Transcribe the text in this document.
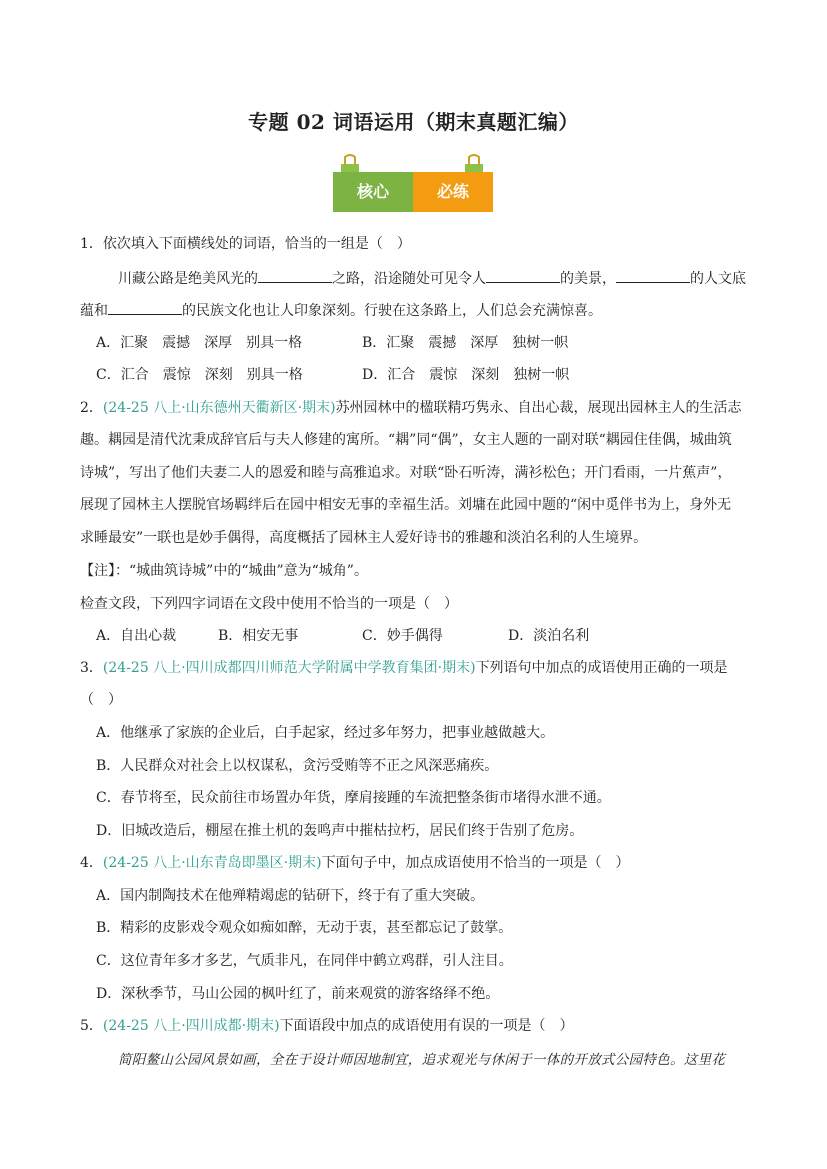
专题 02 词语运用（期末真题汇编）
核心	必练
1．依次填入下面横线处的词语，恰当的一组是（　）
川藏公路是绝美风光的	之路，沿途随处可见令人	的美景，	的人文底
蕴和	的民族文化也让人印象深刻。行驶在这条路上，人们总会充满惊喜。
A．汇聚　震撼　深厚　别具一格	B．汇聚　震撼　深厚　独树一帜
C．汇合　震惊　深刻　别具一格	D．汇合　震惊　深刻　独树一帜
2．(24-25 八上·山东德州天衢新区·期末)苏州园林中的楹联精巧隽永、自出心裁，展现出园林主人的生活志
趣。耦园是清代沈秉成辞官后与夫人修建的寓所。“耦”同“偶”，女主人题的一副对联“耦园住佳偶，城曲筑
诗城”，写出了他们夫妻二人的恩爱和睦与高雅追求。对联“卧石听涛，满衫松色；开门看雨，一片蕉声”，
展现了园林主人摆脱官场羁绊后在园中相安无事的幸福生活。刘墉在此园中题的“闲中觅伴书为上，身外无
求睡最安”一联也是妙手偶得，高度概括了园林主人爱好诗书的雅趣和淡泊名利的人生境界。
【注】：“城曲筑诗城”中的“城曲”意为“城角”。
检查文段，下列四字词语在文段中使用不恰当的一项是（　）
A．自出心裁	B．相安无事	C．妙手偶得	D．淡泊名利
3．(24-25 八上·四川成都四川师范大学附属中学教育集团·期末)下列语句中加点的成语使用正确的一项是
（　）
A．他继承了家族的企业后，白手起家，经过多年努力，把事业越做越大。
B．人民群众对社会上以权谋私，贪污受贿等不正之风深恶痛疾。
C．春节将至，民众前往市场置办年货，摩肩接踵的车流把整条街市堵得水泄不通。
D．旧城改造后，棚屋在推土机的轰鸣声中摧枯拉朽，居民们终于告别了危房。
4．(24-25 八上·山东青岛即墨区·期末)下面句子中，加点成语使用不恰当的一项是（　）
A．国内制陶技术在他殚精竭虑的钻研下，终于有了重大突破。
B．精彩的皮影戏令观众如痴如醉，无动于衷，甚至都忘记了鼓掌。
C．这位青年多才多艺，气质非凡，在同伴中鹤立鸡群，引人注目。
D．深秋季节，马山公园的枫叶红了，前来观赏的游客络绎不绝。
5．(24-25 八上·四川成都·期末)下面语段中加点的成语使用有误的一项是（　）
简阳鳌山公园风景如画，全在于设计师因地制宜，追求观光与休闲于一体的开放式公园特色。这里花
